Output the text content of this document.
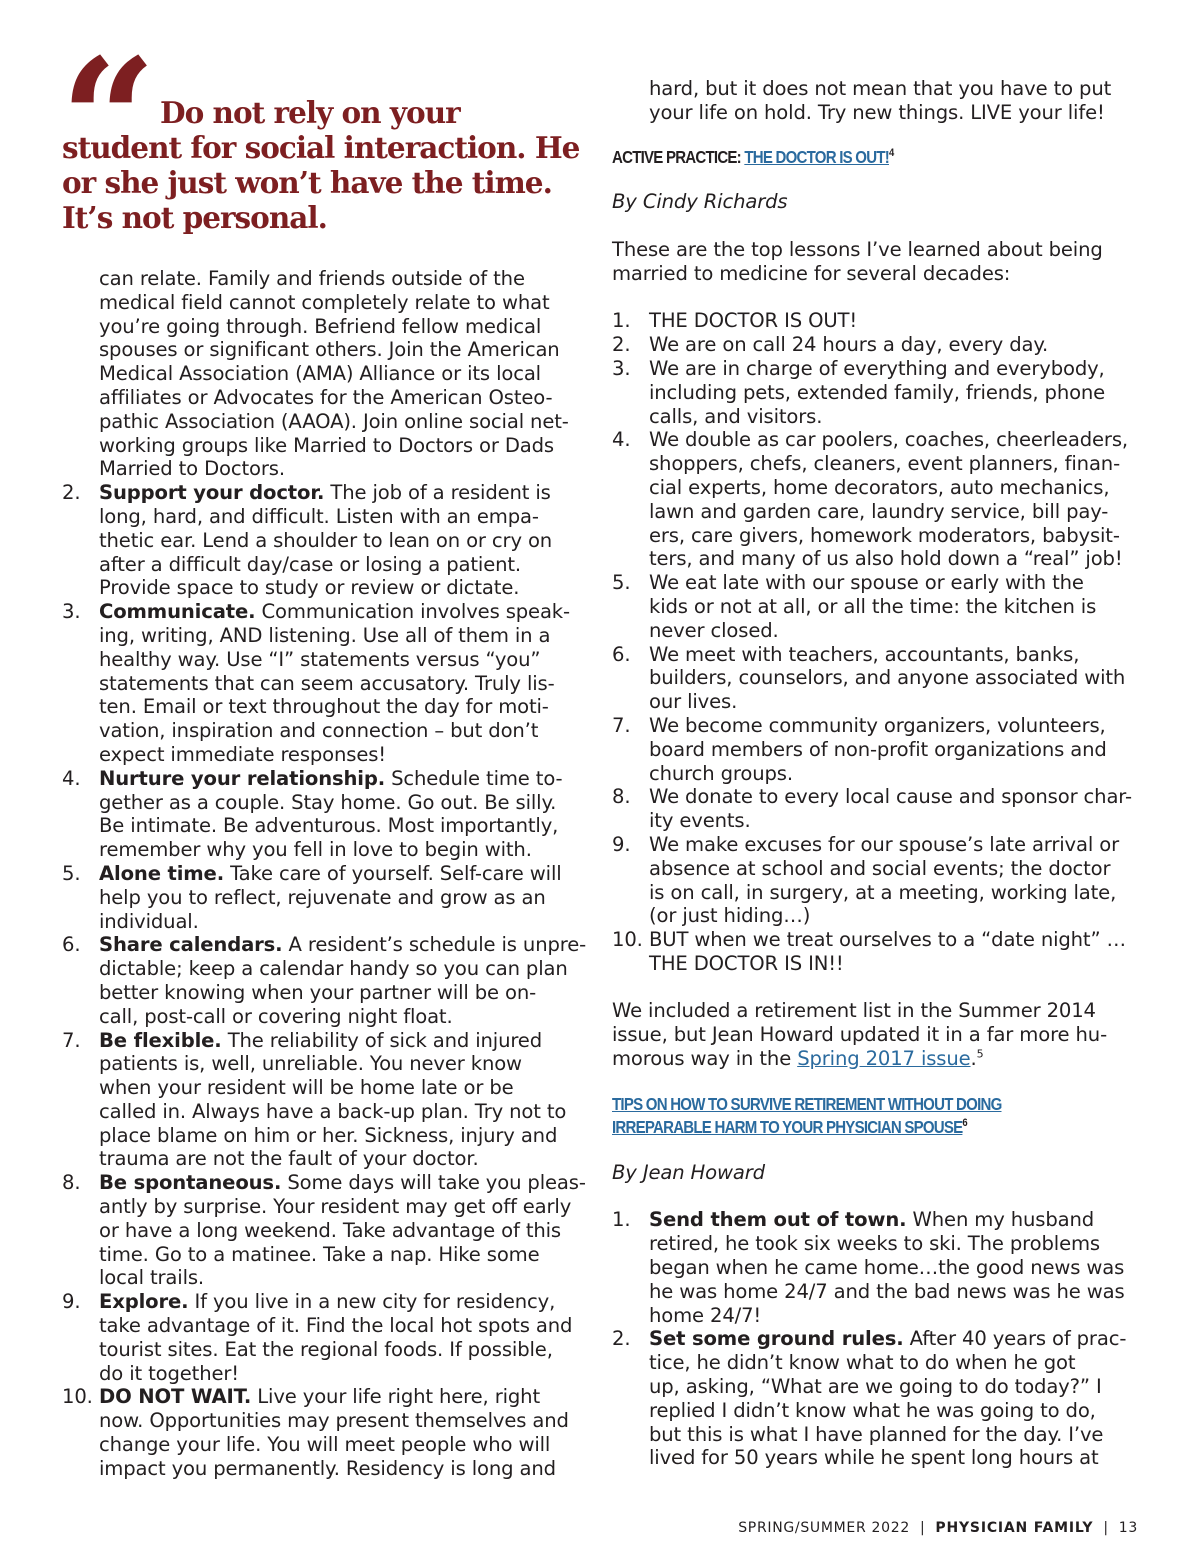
“ Do not rely on your student for social interaction. He or she just won’t have the time. It’s not personal.

can relate. Family and friends outside of the
medical field cannot completely relate to what
you’re going through. Befriend fellow medical
spouses or significant others. Join the American
Medical Association (AMA) Alliance or its local
affiliates or Advocates for the American Osteo-
pathic Association (AAOA). Join online social net-
working groups like Married to Doctors or Dads
Married to Doctors.
2. Support your doctor. The job of a resident is
long, hard, and difficult. Listen with an empa-
thetic ear. Lend a shoulder to lean on or cry on
after a difficult day/case or losing a patient.
Provide space to study or review or dictate.
3. Communicate. Communication involves speak-
ing, writing, AND listening. Use all of them in a
healthy way. Use “I” statements versus “you”
statements that can seem accusatory. Truly lis-
ten. Email or text throughout the day for moti-
vation, inspiration and connection – but don’t
expect immediate responses!
4. Nurture your relationship. Schedule time to-
gether as a couple. Stay home. Go out. Be silly.
Be intimate. Be adventurous. Most importantly,
remember why you fell in love to begin with.
5. Alone time. Take care of yourself. Self-care will
help you to reflect, rejuvenate and grow as an
individual.
6. Share calendars. A resident’s schedule is unpre-
dictable; keep a calendar handy so you can plan
better knowing when your partner will be on-
call, post-call or covering night float.
7. Be flexible. The reliability of sick and injured
patients is, well, unreliable. You never know
when your resident will be home late or be
called in. Always have a back-up plan. Try not to
place blame on him or her. Sickness, injury and
trauma are not the fault of your doctor.
8. Be spontaneous. Some days will take you pleas-
antly by surprise. Your resident may get off early
or have a long weekend. Take advantage of this
time. Go to a matinee. Take a nap. Hike some
local trails.
9. Explore. If you live in a new city for residency,
take advantage of it. Find the local hot spots and
tourist sites. Eat the regional foods. If possible,
do it together!
10. DO NOT WAIT. Live your life right here, right
now. Opportunities may present themselves and
change your life. You will meet people who will
impact you permanently. Residency is long and
hard, but it does not mean that you have to put
your life on hold. Try new things. LIVE your life!
ACTIVE PRACTICE: THE DOCTOR IS OUT!$^4$
By Cindy Richards
These are the top lessons I’ve learned about being
married to medicine for several decades:
1. THE DOCTOR IS OUT!
2. We are on call 24 hours a day, every day.
3. We are in charge of everything and everybody,
including pets, extended family, friends, phone
calls, and visitors.
4. We double as car poolers, coaches, cheerleaders,
shoppers, chefs, cleaners, event planners, finan-
cial experts, home decorators, auto mechanics,
lawn and garden care, laundry service, bill pay-
ers, care givers, homework moderators, babysit-
ters, and many of us also hold down a “real” job!
5. We eat late with our spouse or early with the
kids or not at all, or all the time: the kitchen is
never closed.
6. We meet with teachers, accountants, banks,
builders, counselors, and anyone associated with
our lives.
7. We become community organizers, volunteers,
board members of non-profit organizations and
church groups.
8. We donate to every local cause and sponsor char-
ity events.
9. We make excuses for our spouse’s late arrival or
absence at school and social events; the doctor
is on call, in surgery, at a meeting, working late,
(or just hiding…)
10. BUT when we treat ourselves to a “date night” …
THE DOCTOR IS IN!!
We included a retirement list in the Summer 2014
issue, but Jean Howard updated it in a far more hu-
morous way in the Spring 2017 issue.$^5$
TIPS ON HOW TO SURVIVE RETIREMENT WITHOUT DOING
IRREPARABLE HARM TO YOUR PHYSICIAN SPOUSE$^6$
By Jean Howard
1. Send them out of town. When my husband
retired, he took six weeks to ski. The problems
began when he came home…the good news was
he was home 24/7 and the bad news was he was
home 24/7!
2. Set some ground rules. After 40 years of prac-
tice, he didn’t know what to do when he got
up, asking, “What are we going to do today?” I
replied I didn’t know what he was going to do,
but this is what I have planned for the day. I’ve
lived for 50 years while he spent long hours at
SPRING/SUMMER 2022 | PHYSICIAN FAMILY | 13
